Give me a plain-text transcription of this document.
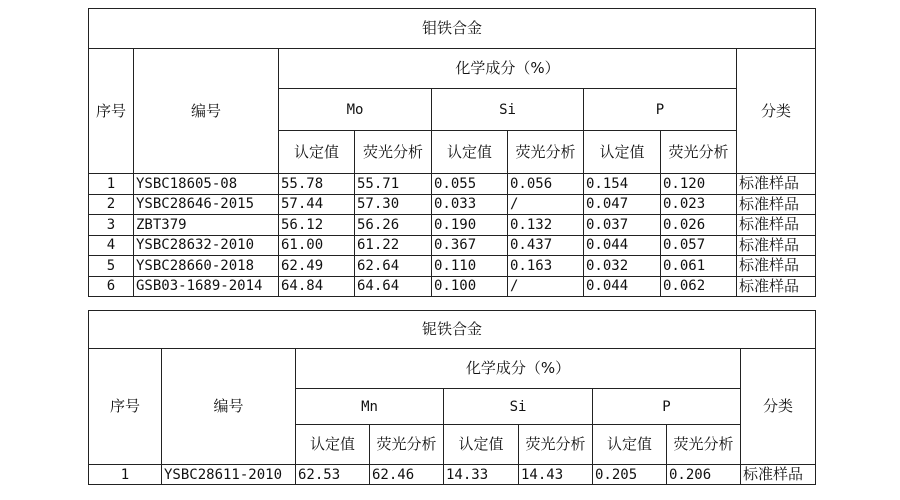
钼铁合金								
序号	编号	化学成分（%）						分类
		Mo		Si		P		
		认定值	荧光分析	认定值	荧光分析	认定值	荧光分析	
1	YSBC18605-08	55.78	55.71	0.055	0.056	0.154	0.120	标准样品
2	YSBC28646-2015	57.44	57.30	0.033	/	0.047	0.023	标准样品
3	ZBT379	56.12	56.26	0.190	0.132	0.037	0.026	标准样品
4	YSBC28632-2010	61.00	61.22	0.367	0.437	0.044	0.057	标准样品
5	YSBC28660-2018	62.49	62.64	0.110	0.163	0.032	0.061	标准样品
6	GSB03-1689-2014	64.84	64.64	0.100	/	0.044	0.062	标准样品
铌铁合金								
序号	编号	化学成分（%）						分类
		Mn		Si		P		
		认定值	荧光分析	认定值	荧光分析	认定值	荧光分析	
1	YSBC28611-2010	62.53	62.46	14.33	14.43	0.205	0.206	标准样品
